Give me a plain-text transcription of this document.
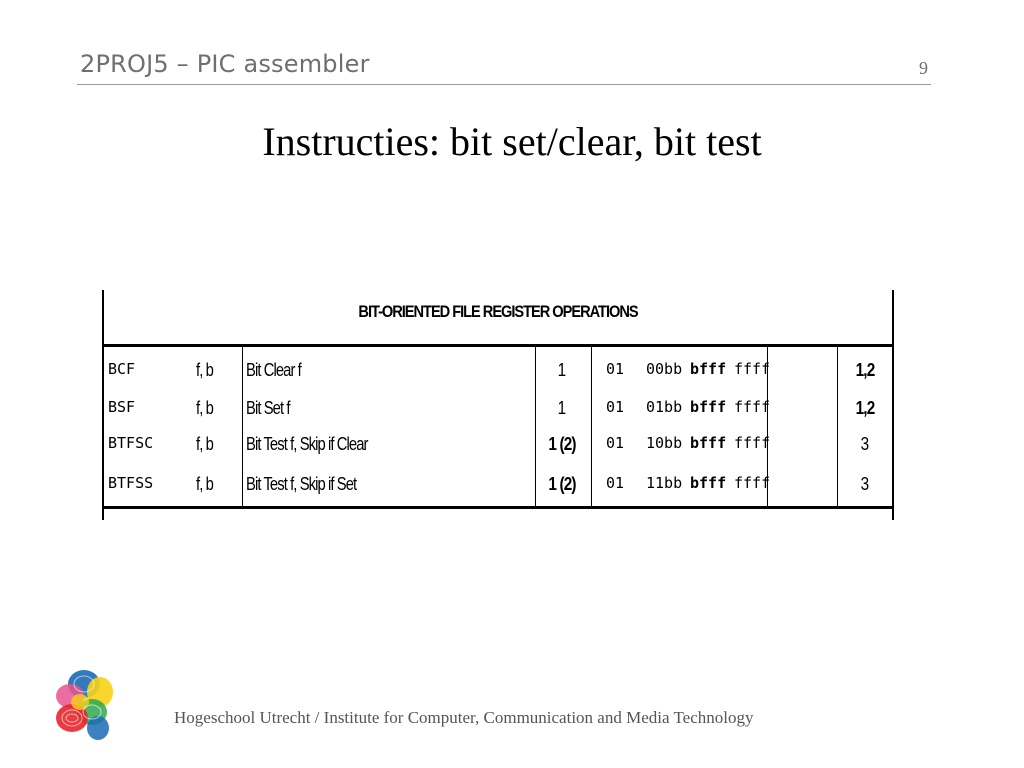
2PROJ5 – PIC assembler	9
Instructies: bit set/clear, bit test
BIT-ORIENTED FILE REGISTER OPERATIONS
BCF	f, b Bit Clear f	1	01 00bb bfff ffff	1,2
BSF	f, b Bit Set f	1	01 01bb bfff ffff	1,2
BTFSC f, b Bit Test f, Skip if Clear	1 (2)	01 10bb bfff ffff	3
BTFSS f, b Bit Test f, Skip if Set	1 (2)	01 11bb bfff ffff	3
Hogeschool Utrecht / Institute for Computer, Communication and Media Technology
